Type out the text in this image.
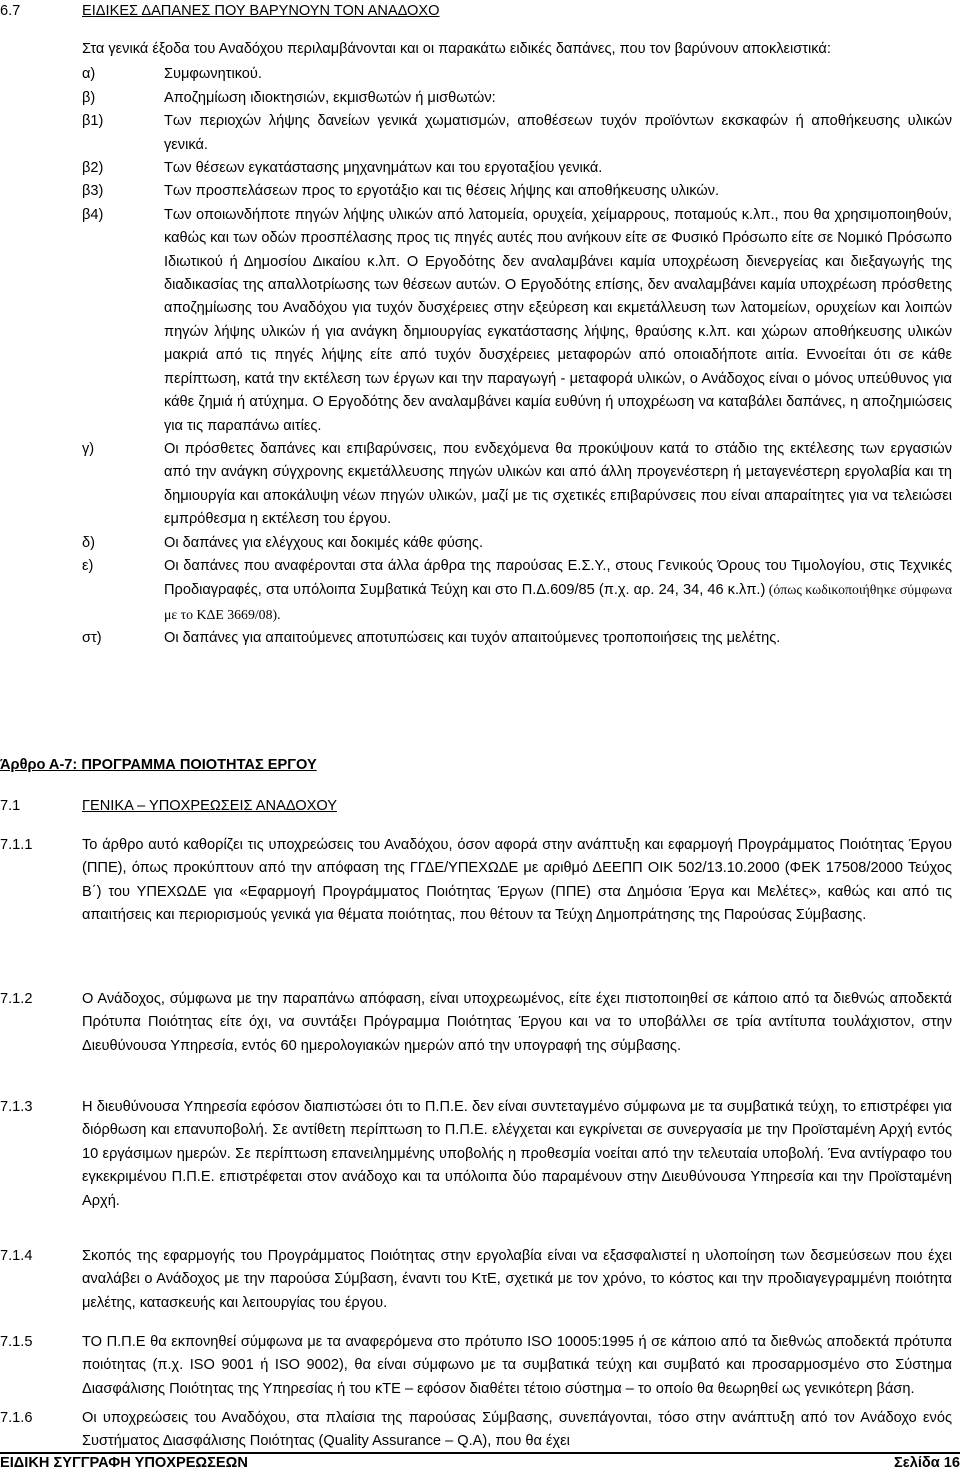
6.7	ΕΙΔΙΚΕΣ ΔΑΠΑΝΕΣ ΠΟΥ ΒΑΡΥΝΟΥΝ ΤΟΝ ΑΝΑΔΟΧΟ

Στα γενικά έξοδα του Αναδόχου περιλαμβάνονται και οι παρακάτω ειδικές δαπάνες, που τον βαρύνουν αποκλειστικά:

α)	Συμφωνητικού.
β)	Αποζημίωση ιδιοκτησιών, εκμισθωτών ή μισθωτών:
β1)	Των περιοχών λήψης δανείων γενικά χωματισμών, αποθέσεων τυχόν προϊόντων εκσκαφών ή αποθήκευσης υλικών γενικά.
β2)	Των θέσεων εγκατάστασης μηχανημάτων και του εργοταξίου γενικά.
β3)	Των προσπελάσεων προς το εργοτάξιο και τις θέσεις λήψης και αποθήκευσης υλικών.
β4)	Των οποιωνδήποτε πηγών λήψης υλικών από λατομεία, ορυχεία, χείμαρρους, ποταμούς κ.λπ., που θα χρησιμοποιηθούν, καθώς και των οδών προσπέλασης προς τις πηγές αυτές που ανήκουν είτε σε Φυσικό Πρόσωπο είτε σε Νομικό Πρόσωπο Ιδιωτικού ή Δημοσίου Δικαίου κ.λπ. Ο Εργοδότης δεν αναλαμβάνει καμία υποχρέωση διενεργείας και διεξαγωγής της διαδικασίας της απαλλοτρίωσης των θέσεων αυτών. Ο Εργοδότης επίσης, δεν αναλαμβάνει καμία υποχρέωση πρόσθετης αποζημίωσης του Αναδόχου για τυχόν δυσχέρειες στην εξεύρεση και εκμετάλλευση των λατομείων, ορυχείων και λοιπών πηγών λήψης υλικών ή για ανάγκη δημιουργίας εγκατάστασης λήψης, θραύσης κ.λπ. και χώρων αποθήκευσης υλικών μακριά από τις πηγές λήψης είτε από τυχόν δυσχέρειες μεταφορών από οποιαδήποτε αιτία. Εννοείται ότι σε κάθε περίπτωση, κατά την εκτέλεση των έργων και την παραγωγή - μεταφορά υλικών, ο Ανάδοχος είναι ο μόνος υπεύθυνος για κάθε ζημιά ή ατύχημα. Ο Εργοδότης δεν αναλαμβάνει καμία ευθύνη ή υποχρέωση να καταβάλει δαπάνες, η αποζημιώσεις για τις παραπάνω αιτίες.
γ)	Οι πρόσθετες δαπάνες και επιβαρύνσεις, που ενδεχόμενα θα προκύψουν κατά το στάδιο της εκτέλεσης των εργασιών από την ανάγκη σύγχρονης εκμετάλλευσης πηγών υλικών και από άλλη προγενέστερη ή μεταγενέστερη εργολαβία και τη δημιουργία και αποκάλυψη νέων πηγών υλικών, μαζί με τις σχετικές επιβαρύνσεις που είναι απαραίτητες για να τελειώσει εμπρόθεσμα η εκτέλεση του έργου.
δ)	Οι δαπάνες για ελέγχους και δοκιμές κάθε φύσης.
ε)	Οι δαπάνες που αναφέρονται στα άλλα άρθρα της παρούσας Ε.Σ.Υ., στους Γενικούς Όρους του Τιμολογίου, στις Τεχνικές Προδιαγραφές, στα υπόλοιπα Συμβατικά Τεύχη και στο Π.Δ.609/85 (π.χ. αρ. 24, 34, 46 κ.λπ.) (όπως κωδικοποιήθηκε σύμφωνα με το ΚΔΕ 3669/08).
στ)	Οι δαπάνες για απαιτούμενες αποτυπώσεις και τυχόν απαιτούμενες τροποποιήσεις της μελέτης.
Άρθρο Α-7: ΠΡΟΓΡΑΜΜΑ ΠΟΙΟΤΗΤΑΣ ΕΡΓΟΥ
7.1	ΓΕΝΙΚΑ – ΥΠΟΧΡΕΩΣΕΙΣ ΑΝΑΔΟΧΟΥ
7.1.1	Το άρθρο αυτό καθορίζει τις υποχρεώσεις του Αναδόχου, όσον αφορά στην ανάπτυξη και εφαρμογή Προγράμματος Ποιότητας Έργου (ΠΠΕ), όπως προκύπτουν από την απόφαση της ΓΓΔΕ/ΥΠΕΧΩΔΕ με αριθμό ΔΕΕΠΠ ΟΙΚ 502/13.10.2000 (ΦΕΚ 17508/2000 Τεύχος Β΄) του ΥΠΕΧΩΔΕ για «Εφαρμογή Προγράμματος Ποιότητας Έργων (ΠΠΕ) στα Δημόσια Έργα και Μελέτες», καθώς και από τις απαιτήσεις και περιορισμούς γενικά για θέματα ποιότητας, που θέτουν τα Τεύχη Δημοπράτησης της Παρούσας Σύμβασης.
7.1.2	Ο Ανάδοχος, σύμφωνα με την παραπάνω απόφαση, είναι υποχρεωμένος, είτε έχει πιστοποιηθεί σε κάποιο από τα διεθνώς αποδεκτά Πρότυπα Ποιότητας είτε όχι, να συντάξει Πρόγραμμα Ποιότητας Έργου και να το υποβάλλει σε τρία αντίτυπα τουλάχιστον, στην Διευθύνουσα Υπηρεσία, εντός 60 ημερολογιακών ημερών από την υπογραφή της σύμβασης.
7.1.3	Η διευθύνουσα Υπηρεσία εφόσον διαπιστώσει ότι το Π.Π.Ε. δεν είναι συντεταγμένο σύμφωνα με τα συμβατικά τεύχη, το επιστρέφει για διόρθωση και επανυποβολή. Σε αντίθετη περίπτωση το Π.Π.Ε. ελέγχεται και εγκρίνεται σε συνεργασία με την Προϊσταμένη Αρχή εντός 10 εργάσιμων ημερών. Σε περίπτωση επανειλημμένης υποβολής η προθεσμία νοείται από την τελευταία υποβολή. Ένα αντίγραφο του εγκεκριμένου Π.Π.Ε. επιστρέφεται στον ανάδοχο και τα υπόλοιπα δύο παραμένουν στην Διευθύνουσα Υπηρεσία και την Προϊσταμένη Αρχή.
7.1.4	Σκοπός της εφαρμογής του Προγράμματος Ποιότητας στην εργολαβία είναι να εξασφαλιστεί η υλοποίηση των δεσμεύσεων που έχει αναλάβει ο Ανάδοχος με την παρούσα Σύμβαση, έναντι του ΚτΕ, σχετικά με τον χρόνο, το κόστος και την προδιαγεγραμμένη ποιότητα μελέτης, κατασκευής και λειτουργίας του έργου.
7.1.5	ΤΟ Π.Π.Ε θα εκπονηθεί σύμφωνα με τα αναφερόμενα στο πρότυπο ISO 10005:1995 ή σε κάποιο από τα διεθνώς αποδεκτά πρότυπα ποιότητας (π.χ. ISO 9001 ή ISO 9002), θα είναι σύμφωνο με τα συμβατικά τεύχη και συμβατό και προσαρμοσμένο στο Σύστημα Διασφάλισης Ποιότητας της Υπηρεσίας ή του κΤΕ – εφόσον διαθέτει τέτοιο σύστημα – το οποίο θα θεωρηθεί ως γενικότερη βάση.
7.1.6	Οι υποχρεώσεις του Αναδόχου, στα πλαίσια της παρούσας Σύμβασης, συνεπάγονται, τόσο στην ανάπτυξη από τον Ανάδοχο ενός Συστήματος Διασφάλισης Ποιότητας (Quality Assurance – Q.A), που θα έχει
ΕΙΔΙΚΗ ΣΥΓΓΡΑΦΗ ΥΠΟΧΡΕΩΣΕΩΝ	Σελίδα 16
